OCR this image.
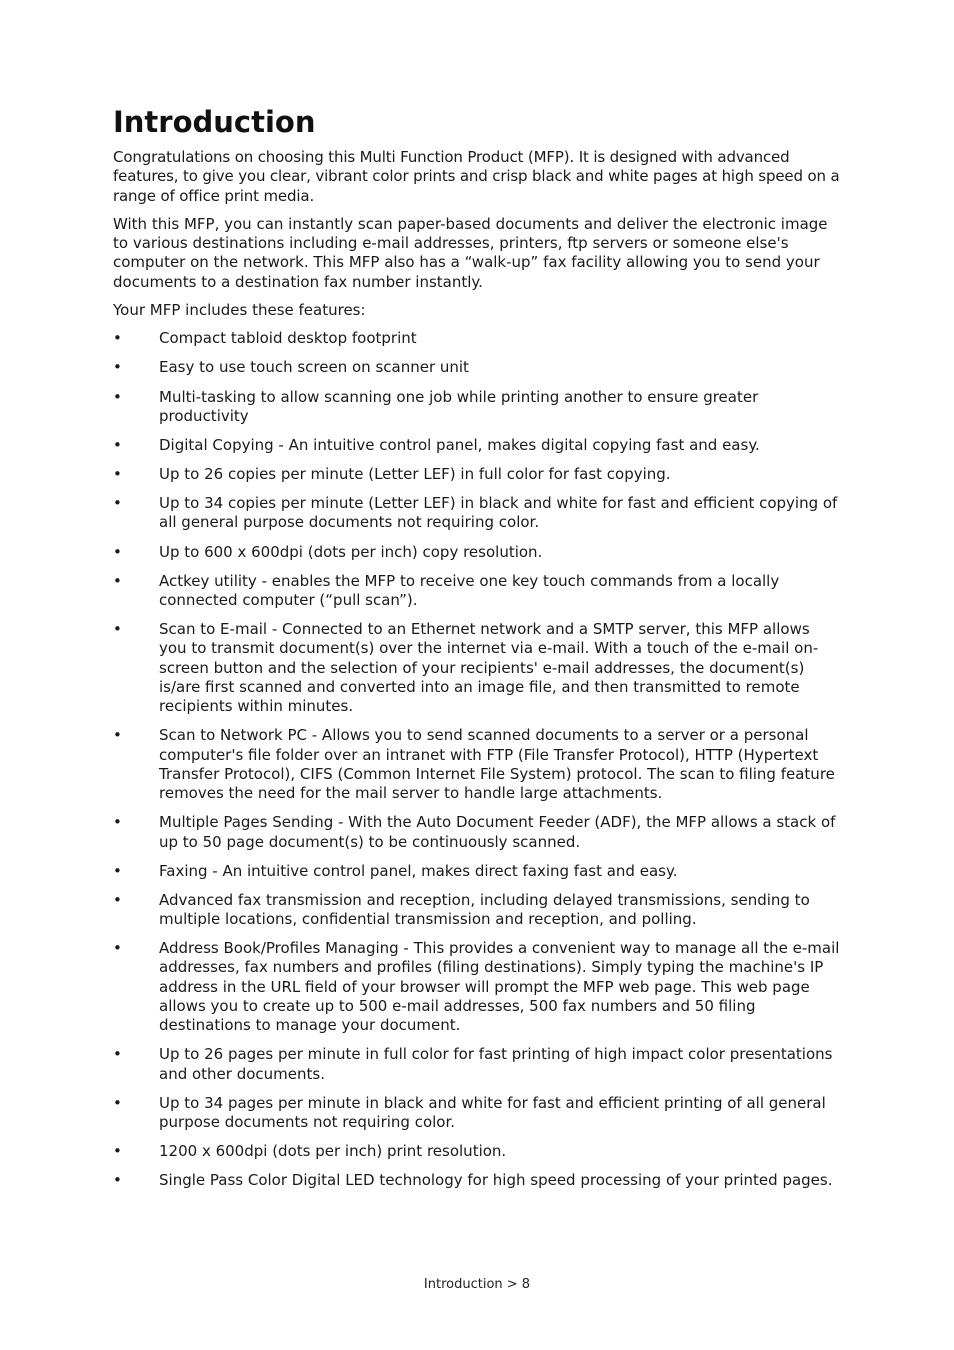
Introduction

Congratulations on choosing this Multi Function Product (MFP). It is designed with advanced features, to give you clear, vibrant color prints and crisp black and white pages at high speed on a range of office print media.

With this MFP, you can instantly scan paper-based documents and deliver the electronic image to various destinations including e-mail addresses, printers, ftp servers or someone else's computer on the network. This MFP also has a “walk-up” fax facility allowing you to send your documents to a destination fax number instantly.

Your MFP includes these features:

• Compact tabloid desktop footprint
• Easy to use touch screen on scanner unit
• Multi-tasking to allow scanning one job while printing another to ensure greater productivity
• Digital Copying - An intuitive control panel, makes digital copying fast and easy.
• Up to 26 copies per minute (Letter LEF) in full color for fast copying.
• Up to 34 copies per minute (Letter LEF) in black and white for fast and efficient copying of all general purpose documents not requiring color.
• Up to 600 x 600dpi (dots per inch) copy resolution.
• Actkey utility - enables the MFP to receive one key touch commands from a locally connected computer (“pull scan”).
• Scan to E-mail - Connected to an Ethernet network and a SMTP server, this MFP allows you to transmit document(s) over the internet via e-mail. With a touch of the e-mail on-screen button and the selection of your recipients' e-mail addresses, the document(s) is/are first scanned and converted into an image file, and then transmitted to remote recipients within minutes.
• Scan to Network PC - Allows you to send scanned documents to a server or a personal computer's file folder over an intranet with FTP (File Transfer Protocol), HTTP (Hypertext Transfer Protocol), CIFS (Common Internet File System) protocol. The scan to filing feature removes the need for the mail server to handle large attachments.
• Multiple Pages Sending - With the Auto Document Feeder (ADF), the MFP allows a stack of up to 50 page document(s) to be continuously scanned.
• Faxing - An intuitive control panel, makes direct faxing fast and easy.
• Advanced fax transmission and reception, including delayed transmissions, sending to multiple locations, confidential transmission and reception, and polling.
• Address Book/Profiles Managing - This provides a convenient way to manage all the e-mail addresses, fax numbers and profiles (filing destinations). Simply typing the machine's IP address in the URL field of your browser will prompt the MFP web page. This web page allows you to create up to 500 e-mail addresses, 500 fax numbers and 50 filing destinations to manage your document.
• Up to 26 pages per minute in full color for fast printing of high impact color presentations and other documents.
• Up to 34 pages per minute in black and white for fast and efficient printing of all general purpose documents not requiring color.
• 1200 x 600dpi (dots per inch) print resolution.
• Single Pass Color Digital LED technology for high speed processing of your printed pages.
Introduction > 8
